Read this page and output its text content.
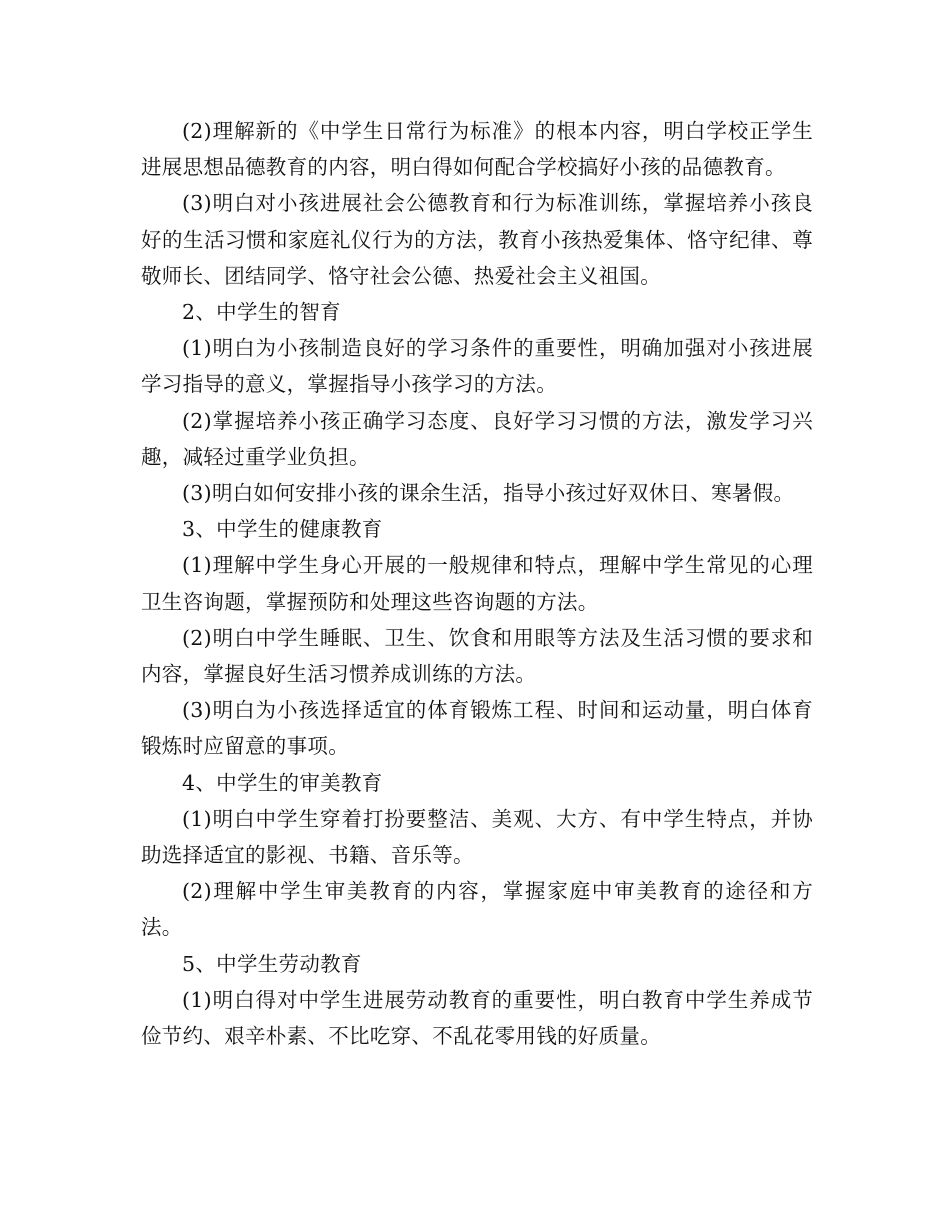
(2)理解新的《中学生日常行为标准》的根本内容，明白学校正学生进展思想品德教育的内容，明白得如何配合学校搞好小孩的品德教育。

(3)明白对小孩进展社会公德教育和行为标准训练，掌握培养小孩良好的生活习惯和家庭礼仪行为的方法，教育小孩热爱集体、恪守纪律、尊敬师长、团结同学、恪守社会公德、热爱社会主义祖国。

2、中学生的智育

(1)明白为小孩制造良好的学习条件的重要性，明确加强对小孩进展学习指导的意义，掌握指导小孩学习的方法。

(2)掌握培养小孩正确学习态度、良好学习习惯的方法，激发学习兴趣，减轻过重学业负担。

(3)明白如何安排小孩的课余生活，指导小孩过好双休日、寒暑假。

3、中学生的健康教育

(1)理解中学生身心开展的一般规律和特点，理解中学生常见的心理卫生咨询题，掌握预防和处理这些咨询题的方法。

(2)明白中学生睡眠、卫生、饮食和用眼等方法及生活习惯的要求和内容，掌握良好生活习惯养成训练的方法。

(3)明白为小孩选择适宜的体育锻炼工程、时间和运动量，明白体育锻炼时应留意的事项。

4、中学生的审美教育

(1)明白中学生穿着打扮要整洁、美观、大方、有中学生特点，并协助选择适宜的影视、书籍、音乐等。

(2)理解中学生审美教育的内容，掌握家庭中审美教育的途径和方法。

5、中学生劳动教育

(1)明白得对中学生进展劳动教育的重要性，明白教育中学生养成节俭节约、艰辛朴素、不比吃穿、不乱花零用钱的好质量。
